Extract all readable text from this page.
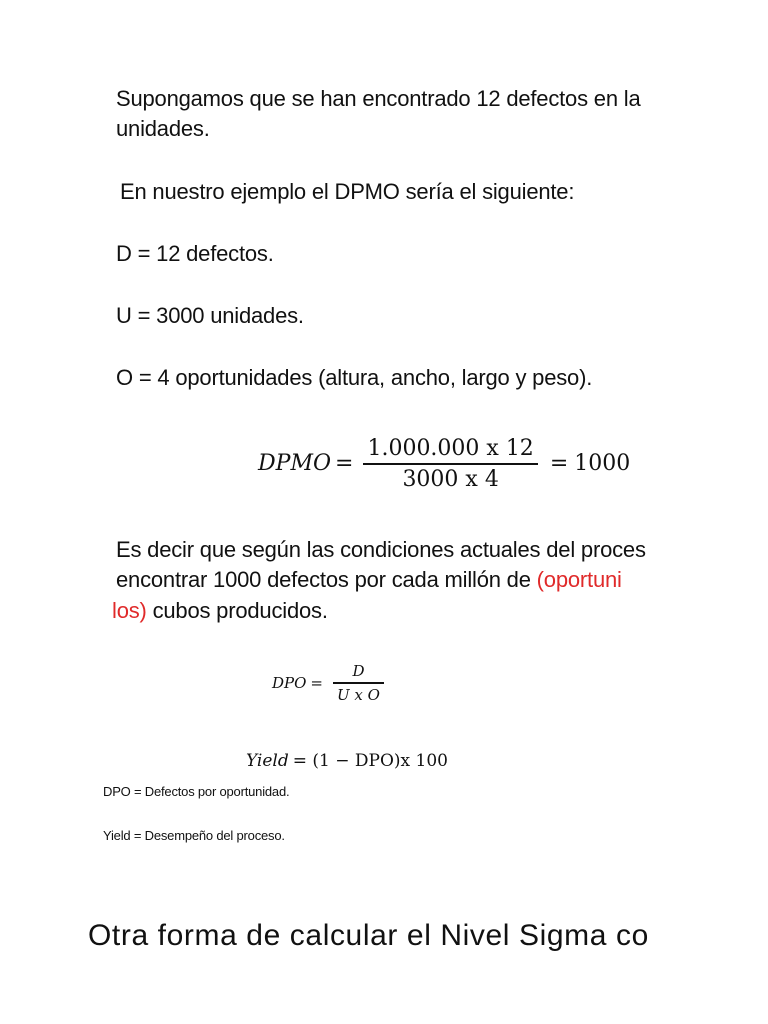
Supongamos que se han encontrado 12 defectos en la
unidades.
En nuestro ejemplo el DPMO sería el siguiente:
D = 12 defectos.
U = 3000 unidades.
O = 4 oportunidades (altura, ancho, largo y peso).
Es decir que según las condiciones actuales del proces
encontrar 1000 defectos por cada millón de (oportuni
los) cubos producidos.
Otra forma de calcular el Nivel Sigma co
DPMO = $\frac{1.000.000 x 12}{3000 x 4} = 1000$
DPO = $\frac{D}{\text{U x O}}$
Yield = (1 − DPO)x 100
DPO = Defectos por oportunidad.
Yield = Desempeño del proceso.
